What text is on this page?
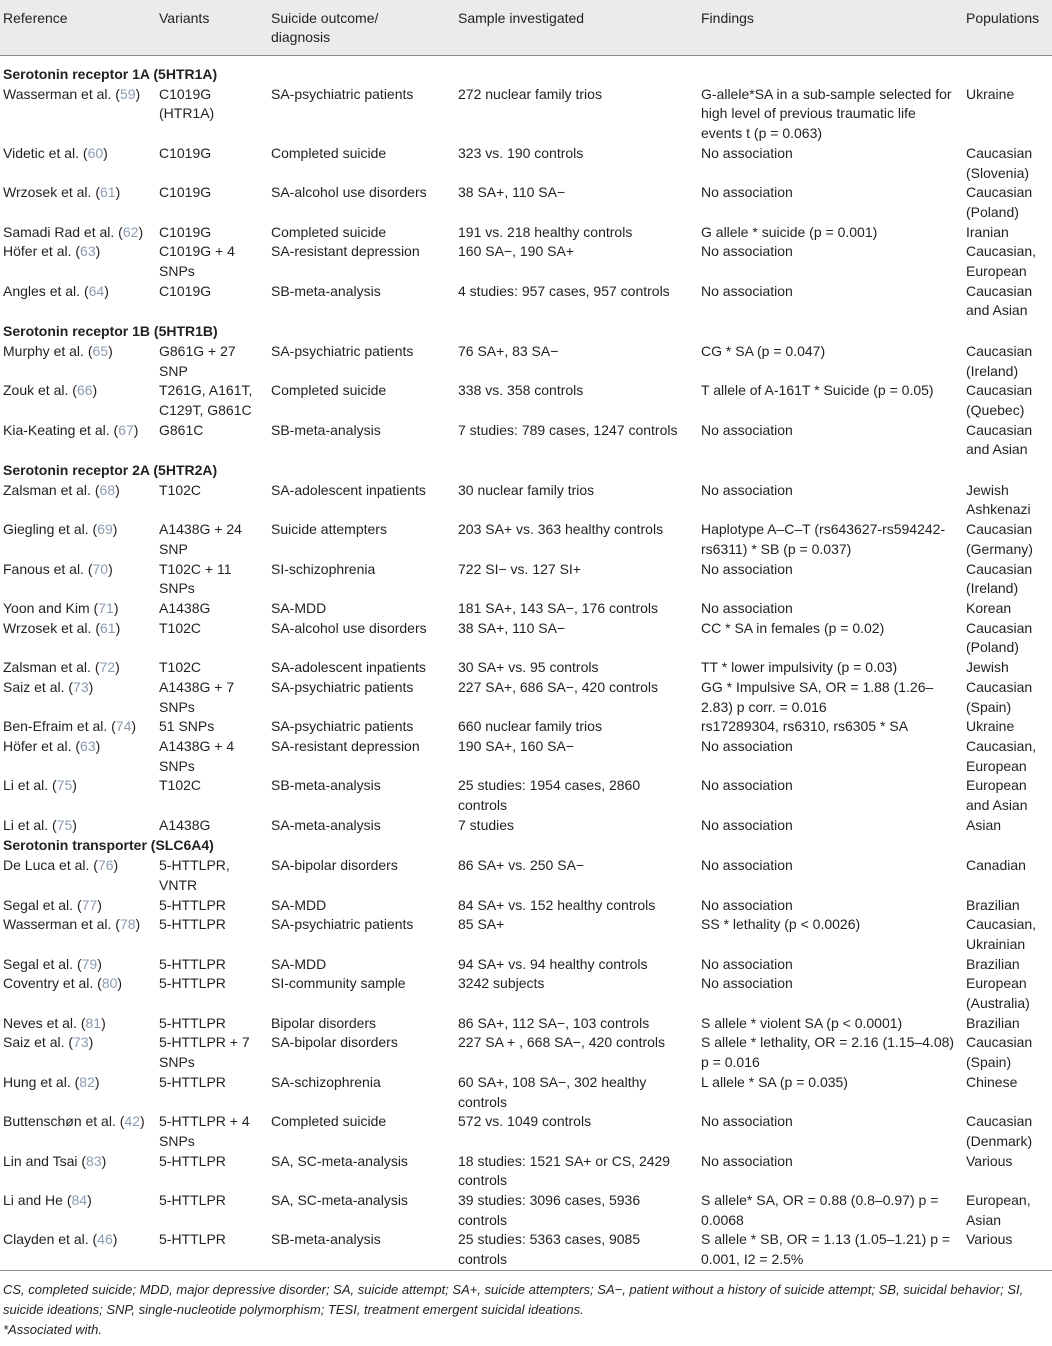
Reference	Variants	Suicide outcome/ diagnosis	Sample investigated	Findings	Populations
Serotonin receptor 1A (5HTR1A)					
Wasserman et al. (59)	C1019G (HTR1A)	SA-psychiatric patients	272 nuclear family trios	G-allele*SA in a sub-sample selected for high level of previous traumatic life events t (p = 0.063)	Ukraine
Videtic et al. (60)	C1019G	Completed suicide	323 vs. 190 controls	No association	Caucasian (Slovenia)
Wrzosek et al. (61)	C1019G	SA-alcohol use disorders	38 SA+, 110 SA−	No association	Caucasian (Poland)
Samadi Rad et al. (62)	C1019G	Completed suicide	191 vs. 218 healthy controls	G allele * suicide (p = 0.001)	Iranian
Höfer et al. (63)	C1019G + 4 SNPs	SA-resistant depression	160 SA−, 190 SA+	No association	Caucasian, European
Angles et al. (64)	C1019G	SB-meta-analysis	4 studies: 957 cases, 957 controls	No association	Caucasian and Asian
Serotonin receptor 1B (5HTR1B)					
Murphy et al. (65)	G861G + 27 SNP	SA-psychiatric patients	76 SA+, 83 SA−	CG * SA (p = 0.047)	Caucasian (Ireland)
Zouk et al. (66)	T261G, A161T, C129T, G861C	Completed suicide	338 vs. 358 controls	T allele of A-161T * Suicide (p = 0.05)	Caucasian (Quebec)
Kia-Keating et al. (67)	G861C	SB-meta-analysis	7 studies: 789 cases, 1247 controls	No association	Caucasian and Asian
Serotonin receptor 2A (5HTR2A)					
Zalsman et al. (68)	T102C	SA-adolescent inpatients	30 nuclear family trios	No association	Jewish Ashkenazi
Giegling et al. (69)	A1438G + 24 SNP	Suicide attempters	203 SA+ vs. 363 healthy controls	Haplotype A–C–T (rs643627-rs594242-rs6311) * SB (p = 0.037)	Caucasian (Germany)
Fanous et al. (70)	T102C + 11 SNPs	SI-schizophrenia	722 SI− vs. 127 SI+	No association	Caucasian (Ireland)
Yoon and Kim (71)	A1438G	SA-MDD	181 SA+, 143 SA−, 176 controls	No association	Korean
Wrzosek et al. (61)	T102C	SA-alcohol use disorders	38 SA+, 110 SA−	CC * SA in females (p = 0.02)	Caucasian (Poland)
Zalsman et al. (72)	T102C	SA-adolescent inpatients	30 SA+ vs. 95 controls	TT * lower impulsivity (p = 0.03)	Jewish
Saiz et al. (73)	A1438G + 7 SNPs	SA-psychiatric patients	227 SA+, 686 SA−, 420 controls	GG * Impulsive SA, OR = 1.88 (1.26–2.83) p corr. = 0.016	Caucasian (Spain)
Ben-Efraim et al. (74)	51 SNPs	SA-psychiatric patients	660 nuclear family trios	rs17289304, rs6310, rs6305 * SA	Ukraine
Höfer et al. (63)	A1438G + 4 SNPs	SA-resistant depression	190 SA+, 160 SA−	No association	Caucasian, European
Li et al. (75)	T102C	SB-meta-analysis	25 studies: 1954 cases, 2860 controls	No association	European and Asian
Li et al. (75)	A1438G	SA-meta-analysis	7 studies	No association	Asian
Serotonin transporter (SLC6A4)					
De Luca et al. (76)	5-HTTLPR, VNTR	SA-bipolar disorders	86 SA+ vs. 250 SA−	No association	Canadian
Segal et al. (77)	5-HTTLPR	SA-MDD	84 SA+ vs. 152 healthy controls	No association	Brazilian
Wasserman et al. (78)	5-HTTLPR	SA-psychiatric patients	85 SA+	SS * lethality (p < 0.0026)	Caucasian, Ukrainian
Segal et al. (79)	5-HTTLPR	SA-MDD	94 SA+ vs. 94 healthy controls	No association	Brazilian
Coventry et al. (80)	5-HTTLPR	SI-community sample	3242 subjects	No association	European (Australia)
Neves et al. (81)	5-HTTLPR	Bipolar disorders	86 SA+, 112 SA−, 103 controls	S allele * violent SA (p < 0.0001)	Brazilian
Saiz et al. (73)	5-HTTLPR + 7 SNPs	SA-bipolar disorders	227 SA + , 668 SA−, 420 controls	S allele * lethality, OR = 2.16 (1.15–4.08) p = 0.016	Caucasian (Spain)
Hung et al. (82)	5-HTTLPR	SA-schizophrenia	60 SA+, 108 SA−, 302 healthy controls	L allele * SA (p = 0.035)	Chinese
Buttenschøn et al. (42)	5-HTTLPR + 4 SNPs	Completed suicide	572 vs. 1049 controls	No association	Caucasian (Denmark)
Lin and Tsai (83)	5-HTTLPR	SA, SC-meta-analysis	18 studies: 1521 SA+ or CS, 2429 controls	No association	Various
Li and He (84)	5-HTTLPR	SA, SC-meta-analysis	39 studies: 3096 cases, 5936 controls	S allele* SA, OR = 0.88 (0.8–0.97) p = 0.0068	European, Asian
Clayden et al. (46)	5-HTTLPR	SB-meta-analysis	25 studies: 5363 cases, 9085 controls	S allele * SB, OR = 1.13 (1.05–1.21) p = 0.001, I2 = 2.5%	Various
CS, completed suicide; MDD, major depressive disorder; SA, suicide attempt; SA+, suicide attempters; SA−, patient without a history of suicide attempt; SB, suicidal behavior; SI, suicide ideations; SNP, single-nucleotide polymorphism; TESI, treatment emergent suicidal ideations.
*Associated with.
